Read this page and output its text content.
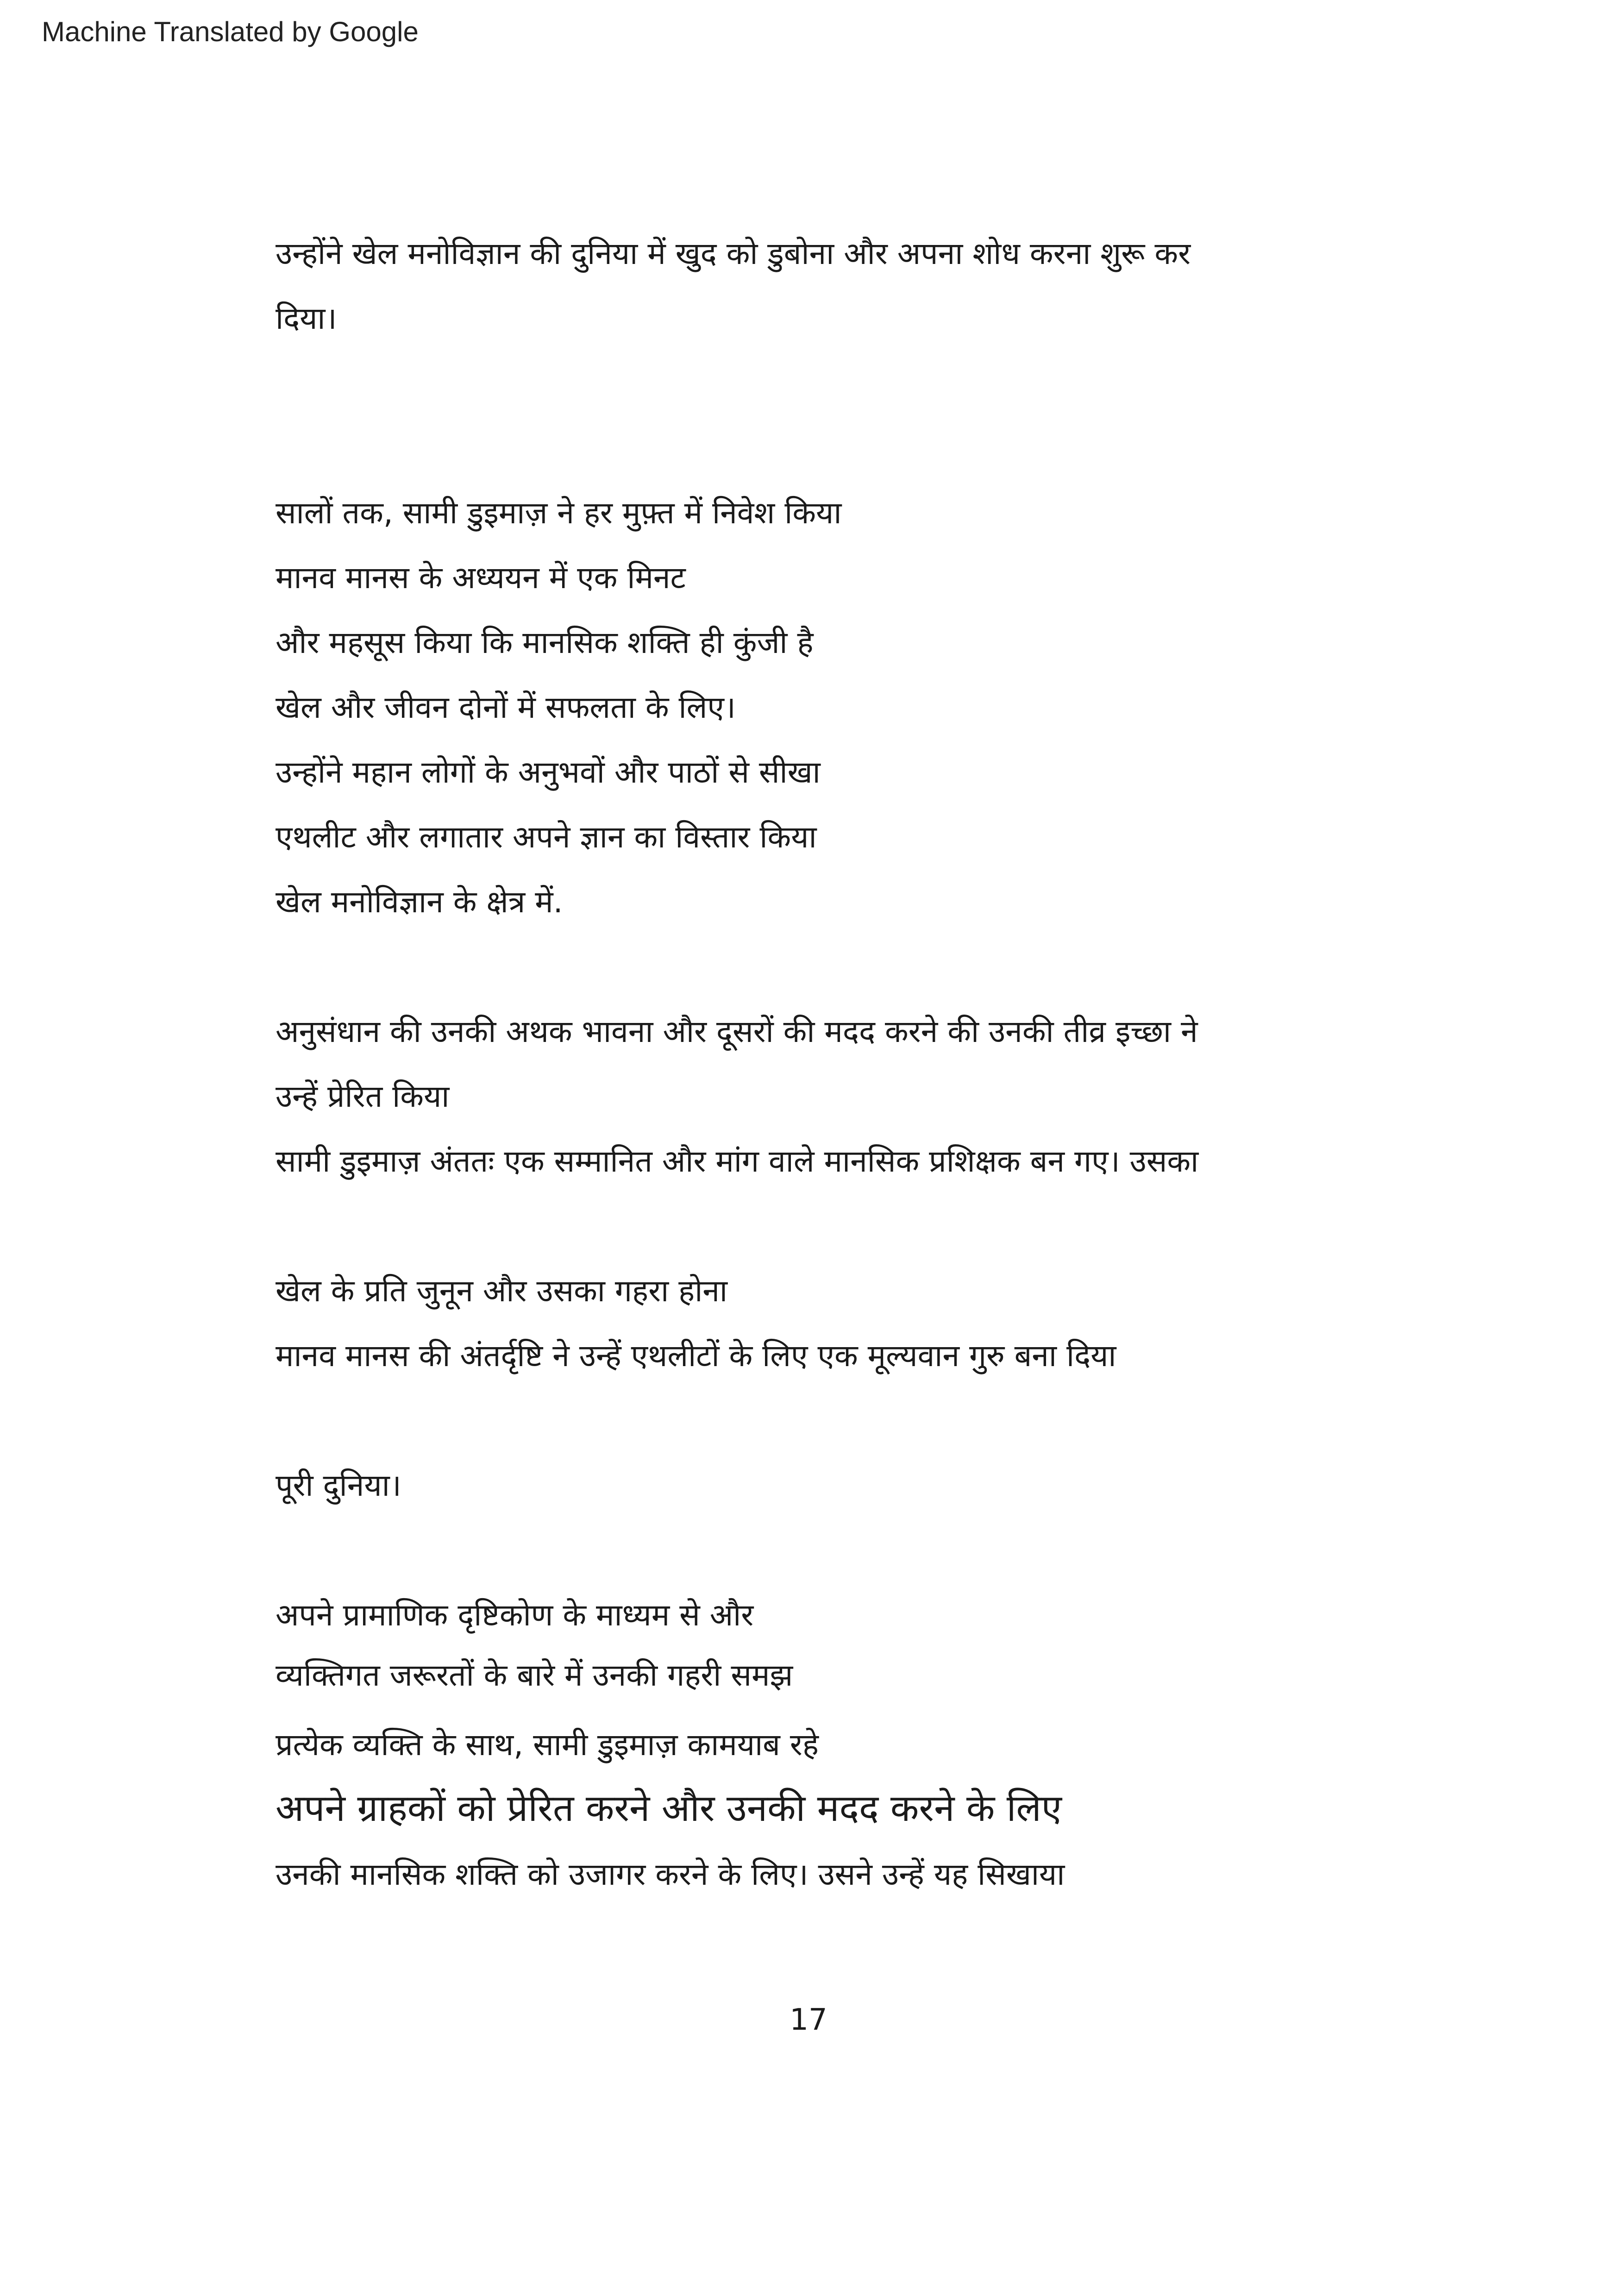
Machine Translated by Google
उन्होंने खेल मनोविज्ञान की दुनिया में खुद को डुबोना और अपना शोध करना शुरू कर
दिया।
सालों तक, सामी डुइमाज़ ने हर मुफ़्त में निवेश किया
मानव मानस के अध्ययन में एक मिनट
और महसूस किया कि मानसिक शक्ति ही कुंजी है
खेल और जीवन दोनों में सफलता के लिए।
उन्होंने महान लोगों के अनुभवों और पाठों से सीखा
एथलीट और लगातार अपने ज्ञान का विस्तार किया
खेल मनोविज्ञान के क्षेत्र में.
अनुसंधान की उनकी अथक भावना और दूसरों की मदद करने की उनकी तीव्र इच्छा ने
उन्हें प्रेरित किया
सामी डुइमाज़ अंततः एक सम्मानित और मांग वाले मानसिक प्रशिक्षक बन गए। उसका
खेल के प्रति जुनून और उसका गहरा होना
मानव मानस की अंतर्दृष्टि ने उन्हें एथलीटों के लिए एक मूल्यवान गुरु बना दिया
पूरी दुनिया।
अपने प्रामाणिक दृष्टिकोण के माध्यम से और
व्यक्तिगत जरूरतों के बारे में उनकी गहरी समझ
प्रत्येक व्यक्ति के साथ, सामी डुइमाज़ कामयाब रहे
अपने ग्राहकों को प्रेरित करने और उनकी मदद करने के लिए
उनकी मानसिक शक्ति को उजागर करने के लिए। उसने उन्हें यह सिखाया
17
